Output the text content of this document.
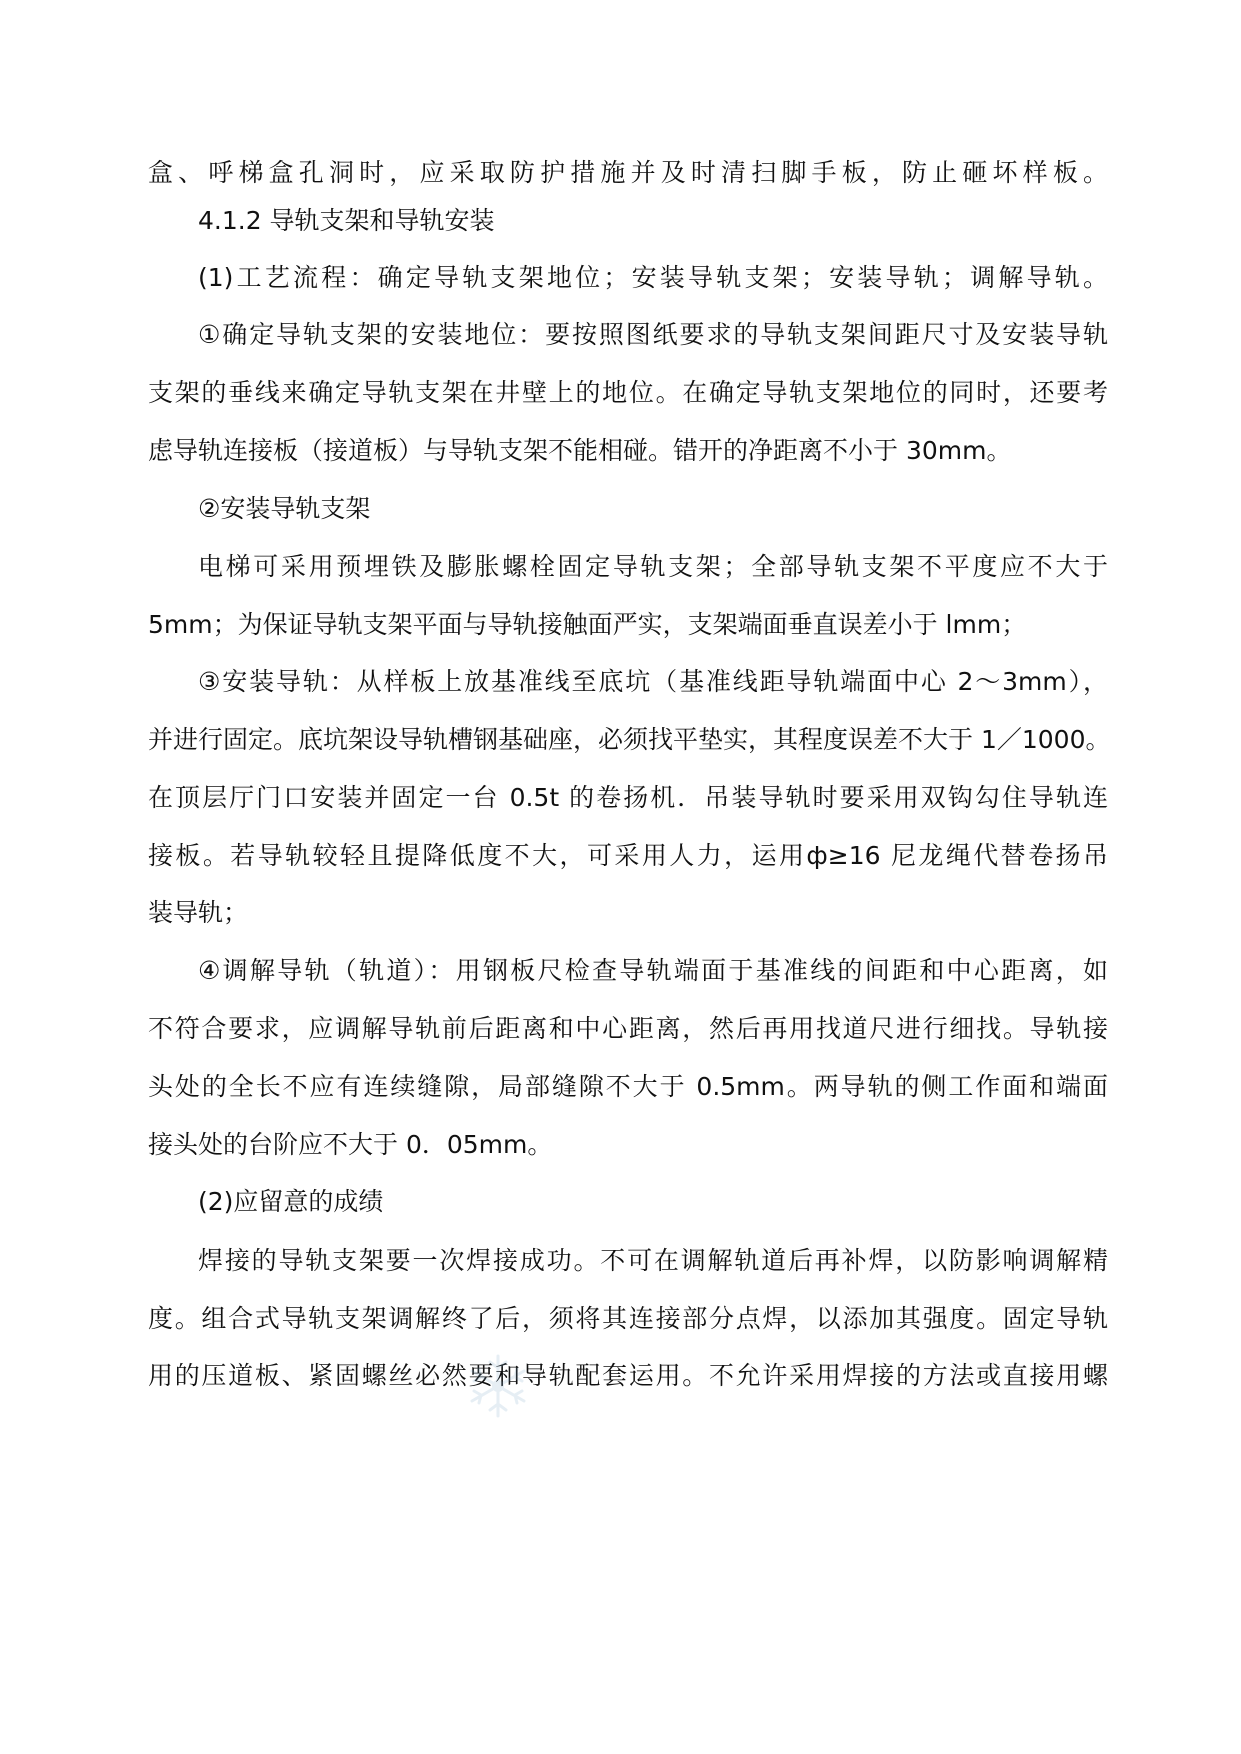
盒、呼梯盒孔洞时，应采取防护措施并及时清扫脚手板，防止砸坏样板。
4.1.2 导轨支架和导轨安装
(1)工艺流程：确定导轨支架地位；安装导轨支架；安装导轨；调解导轨。
①确定导轨支架的安装地位：要按照图纸要求的导轨支架间距尺寸及安装导轨
支架的垂线来确定导轨支架在井壁上的地位。在确定导轨支架地位的同时，还要考
虑导轨连接板（接道板）与导轨支架不能相碰。错开的净距离不小于 30mm。
②安装导轨支架
电梯可采用预埋铁及膨胀螺栓固定导轨支架；全部导轨支架不平度应不大于
5mm；为保证导轨支架平面与导轨接触面严实，支架端面垂直误差小于 lmm；
③安装导轨：从样板上放基准线至底坑（基准线距导轨端面中心 2～3mm），
并进行固定。底坑架设导轨槽钢基础座，必须找平垫实，其程度误差不大于 1／1000。
在顶层厅门口安装并固定一台 0.5t 的卷扬机．吊装导轨时要采用双钩勾住导轨连
接板。若导轨较轻且提降低度不大，可采用人力，运用ф≥16 尼龙绳代替卷扬吊
装导轨；
④调解导轨（轨道）：用钢板尺检查导轨端面于基准线的间距和中心距离，如
不符合要求，应调解导轨前后距离和中心距离，然后再用找道尺进行细找。导轨接
头处的全长不应有连续缝隙，局部缝隙不大于 0.5mm。两导轨的侧工作面和端面
接头处的台阶应不大于 0．05mm。
(2)应留意的成绩
焊接的导轨支架要一次焊接成功。不可在调解轨道后再补焊，以防影响调解精
度。组合式导轨支架调解终了后，须将其连接部分点焊，以添加其强度。固定导轨
用的压道板、紧固螺丝必然要和导轨配套运用。不允许采用焊接的方法或直接用螺
